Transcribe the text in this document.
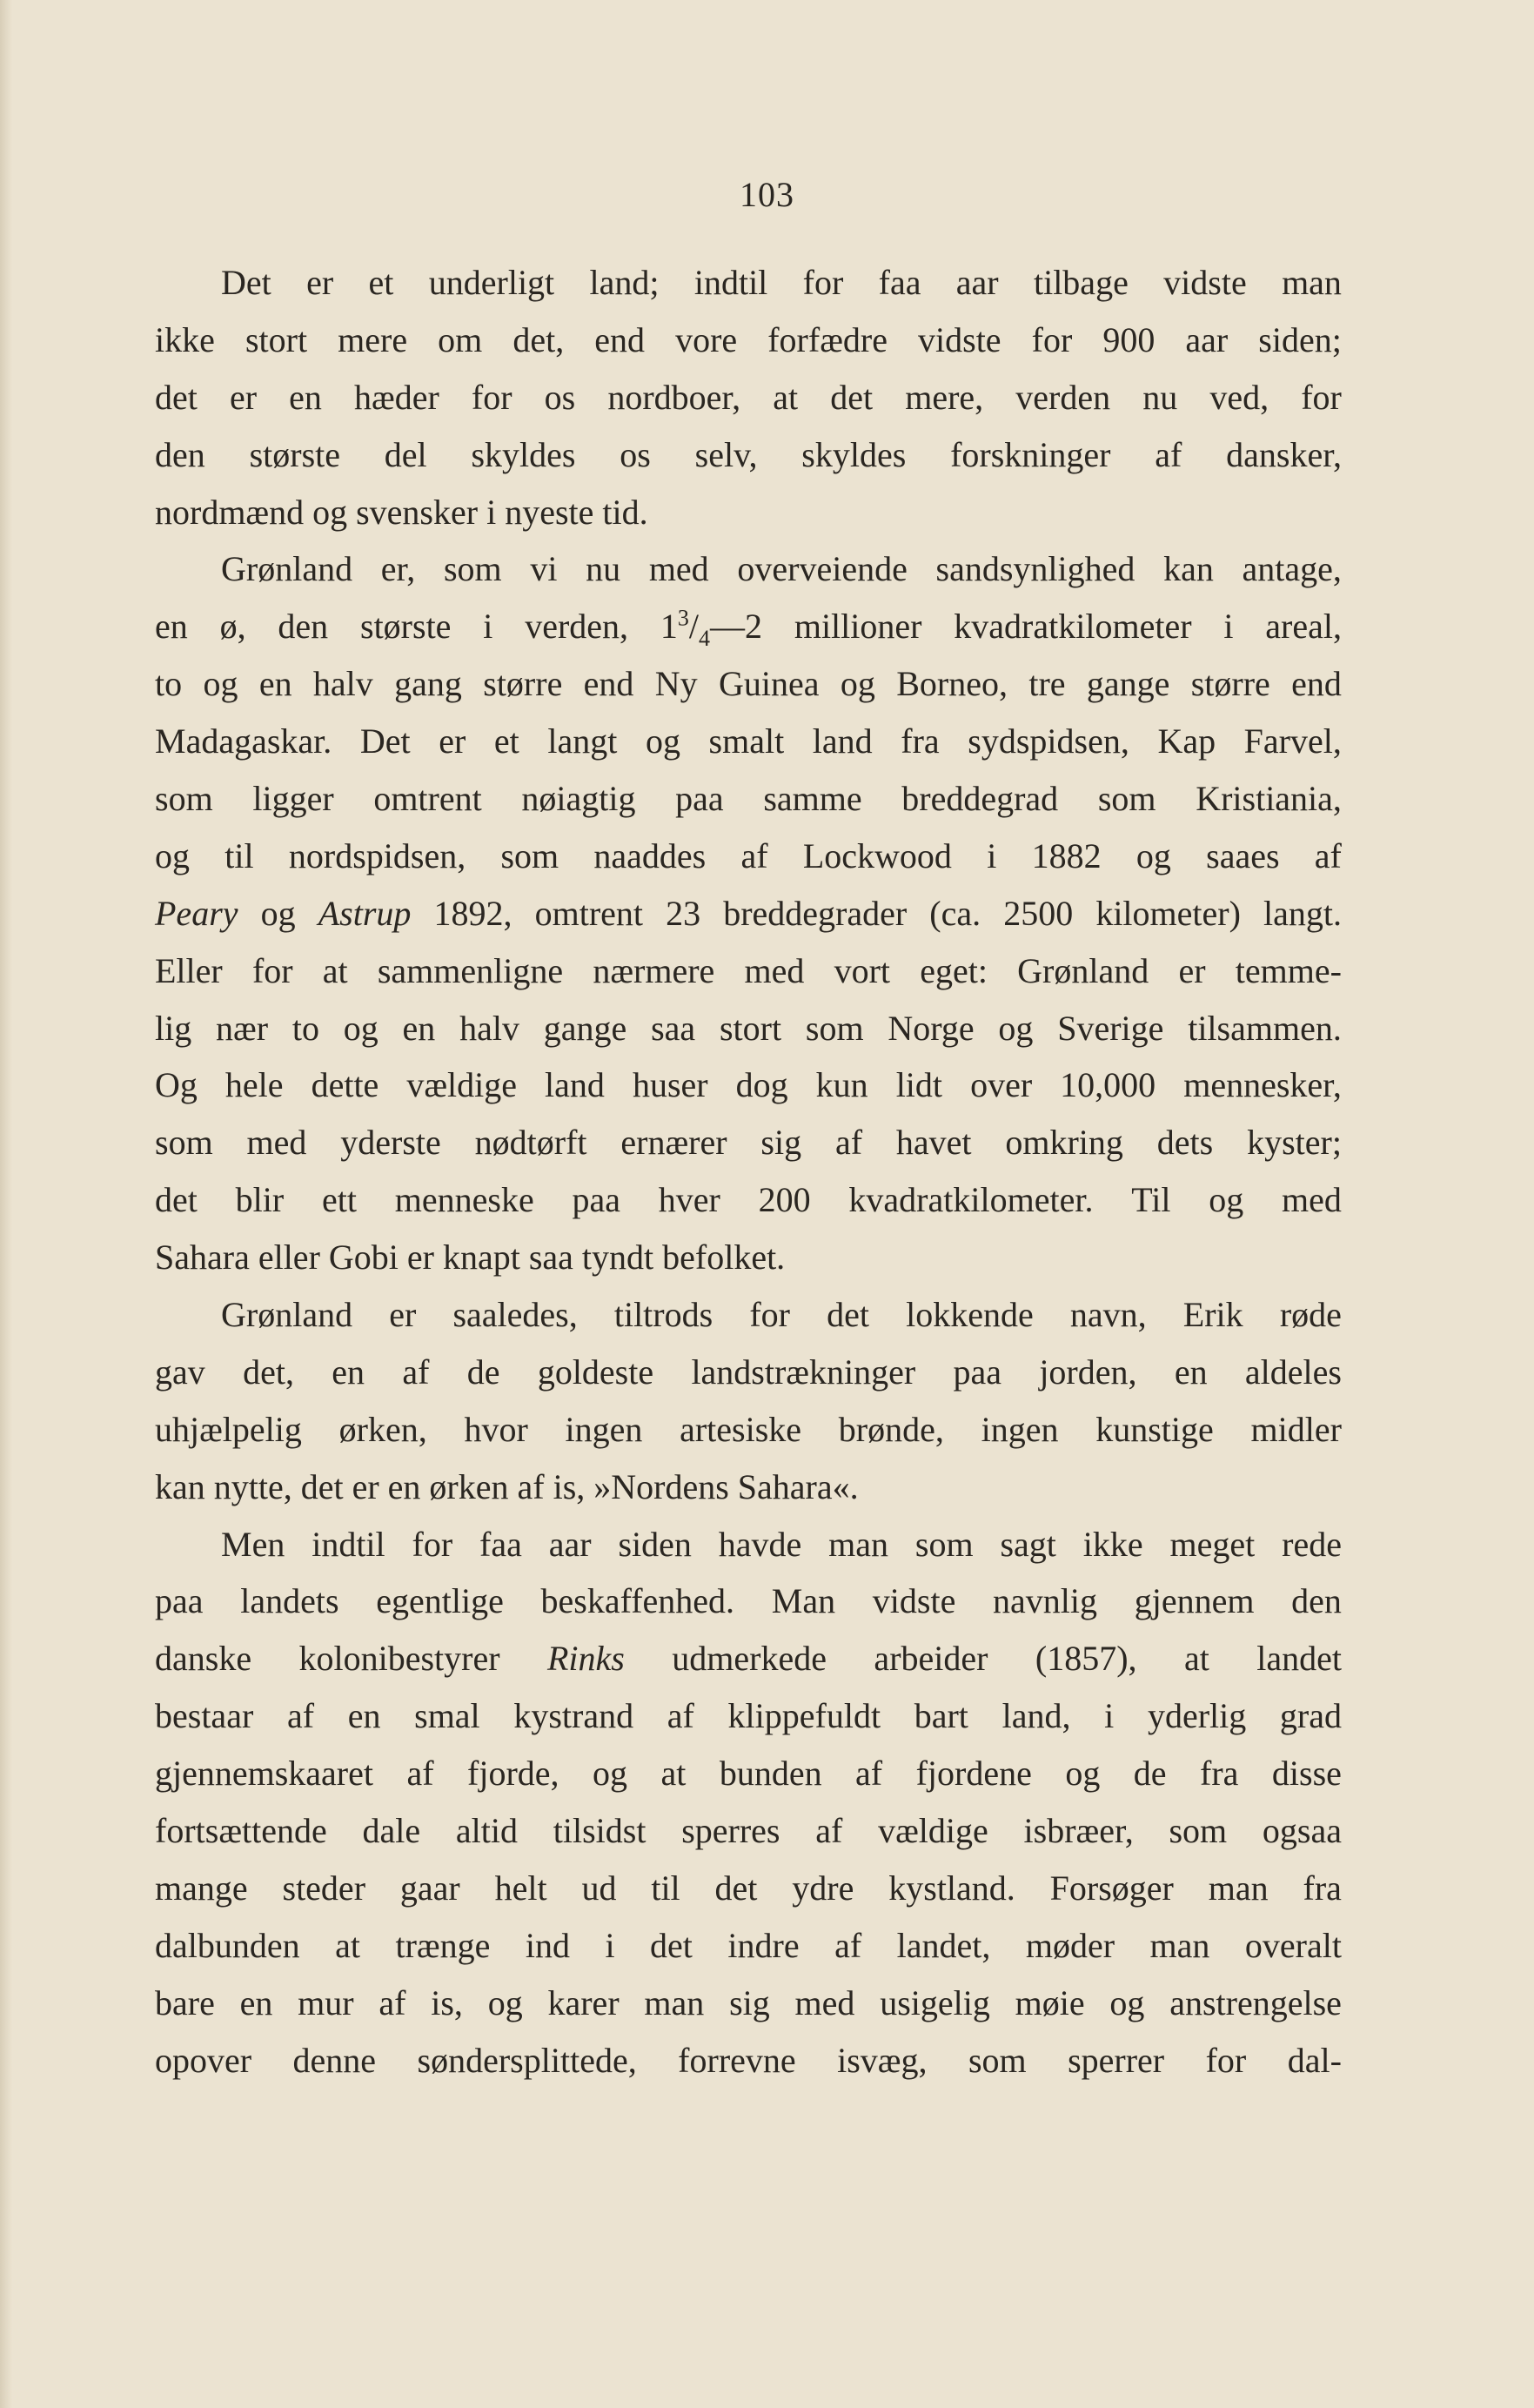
103
Det er et underligt land; indtil for faa aar tilbage vidste man
ikke stort mere om det, end vore forfædre vidste for 900 aar siden;
det er en hæder for os nordboer, at det mere, verden nu ved, for
den største del skyldes os selv, skyldes forskninger af dansker,
nordmænd og svensker i nyeste tid.
Grønland er, som vi nu med overveiende sandsynlighed kan antage,
en ø, den største i verden, $1^3/_4—2$ millioner kvadratkilometer i areal,
to og en halv gang større end Ny Guinea og Borneo, tre gange større end
Madagaskar. Det er et langt og smalt land fra sydspidsen, Kap Farvel,
som ligger omtrent nøiagtig paa samme breddegrad som Kristiania,
og til nordspidsen, som naaddes af Lockwood i 1882 og saaes af
Peary og Astrup 1892, omtrent 23 breddegrader (ca. 2500 kilometer) langt.
Eller for at sammenligne nærmere med vort eget: Grønland er temme-
lig nær to og en halv gange saa stort som Norge og Sverige tilsammen.
Og hele dette vældige land huser dog kun lidt over 10,000 mennesker,
som med yderste nødtørft ernærer sig af havet omkring dets kyster;
det blir ett menneske paa hver 200 kvadratkilometer. Til og med
Sahara eller Gobi er knapt saa tyndt befolket.
Grønland er saaledes, tiltrods for det lokkende navn, Erik røde
gav det, en af de goldeste landstrækninger paa jorden, en aldeles
uhjælpelig ørken, hvor ingen artesiske brønde, ingen kunstige midler
kan nytte, det er en ørken af is, »Nordens Sahara«.
Men indtil for faa aar siden havde man som sagt ikke meget rede
paa landets egentlige beskaffenhed. Man vidste navnlig gjennem den
danske kolonibestyrer Rinks udmerkede arbeider (1857), at landet
bestaar af en smal kystrand af klippefuldt bart land, i yderlig grad
gjennemskaaret af fjorde, og at bunden af fjordene og de fra disse
fortsættende dale altid tilsidst sperres af vældige isbræer, som ogsaa
mange steder gaar helt ud til det ydre kystland. Forsøger man fra
dalbunden at trænge ind i det indre af landet, møder man overalt
bare en mur af is, og karer man sig med usigelig møie og anstrengelse
opover denne søndersplittede, forrevne isvæg, som sperrer for dal-
